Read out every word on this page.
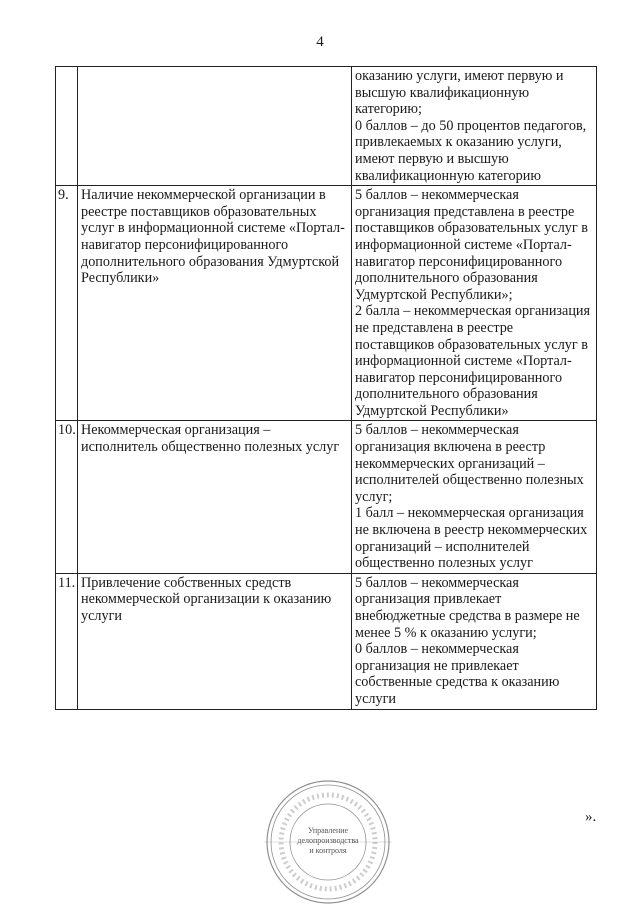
4

		оказанию услуги, имеют первую и высшую квалификационную категорию;
0 баллов – до 50 процентов педагогов, привлекаемых к оказанию услуги, имеют первую и высшую квалификационную категорию

9.	Наличие некоммерческой организации в реестре поставщиков образовательных услуг в информационной системе «Портал-навигатор персонифицированного дополнительного образования Удмуртской Республики»	5 баллов – некоммерческая организация представлена в реестре поставщиков образовательных услуг в информационной системе «Портал-навигатор персонифицированного дополнительного образования Удмуртской Республики»;
2 балла – некоммерческая организация не представлена в реестре поставщиков образовательных услуг в информационной системе «Портал-навигатор персонифицированного дополнительного образования Удмуртской Республики»

10.	Некоммерческая организация – исполнитель общественно полезных услуг	5 баллов – некоммерческая организация включена в реестр некоммерческих организаций – исполнителей общественно полезных услуг;
1 балл – некоммерческая организация не включена в реестр некоммерческих организаций – исполнителей общественно полезных услуг

11.	Привлечение собственных средств некоммерческой организации к оказанию услуги	5 баллов – некоммерческая организация привлекает внебюджетные средства в размере не менее 5 % к оказанию услуги;
0 баллов – некоммерческая организация не привлекает собственные средства к оказанию услуги
».
Управление
делопроизводства
и контроля
